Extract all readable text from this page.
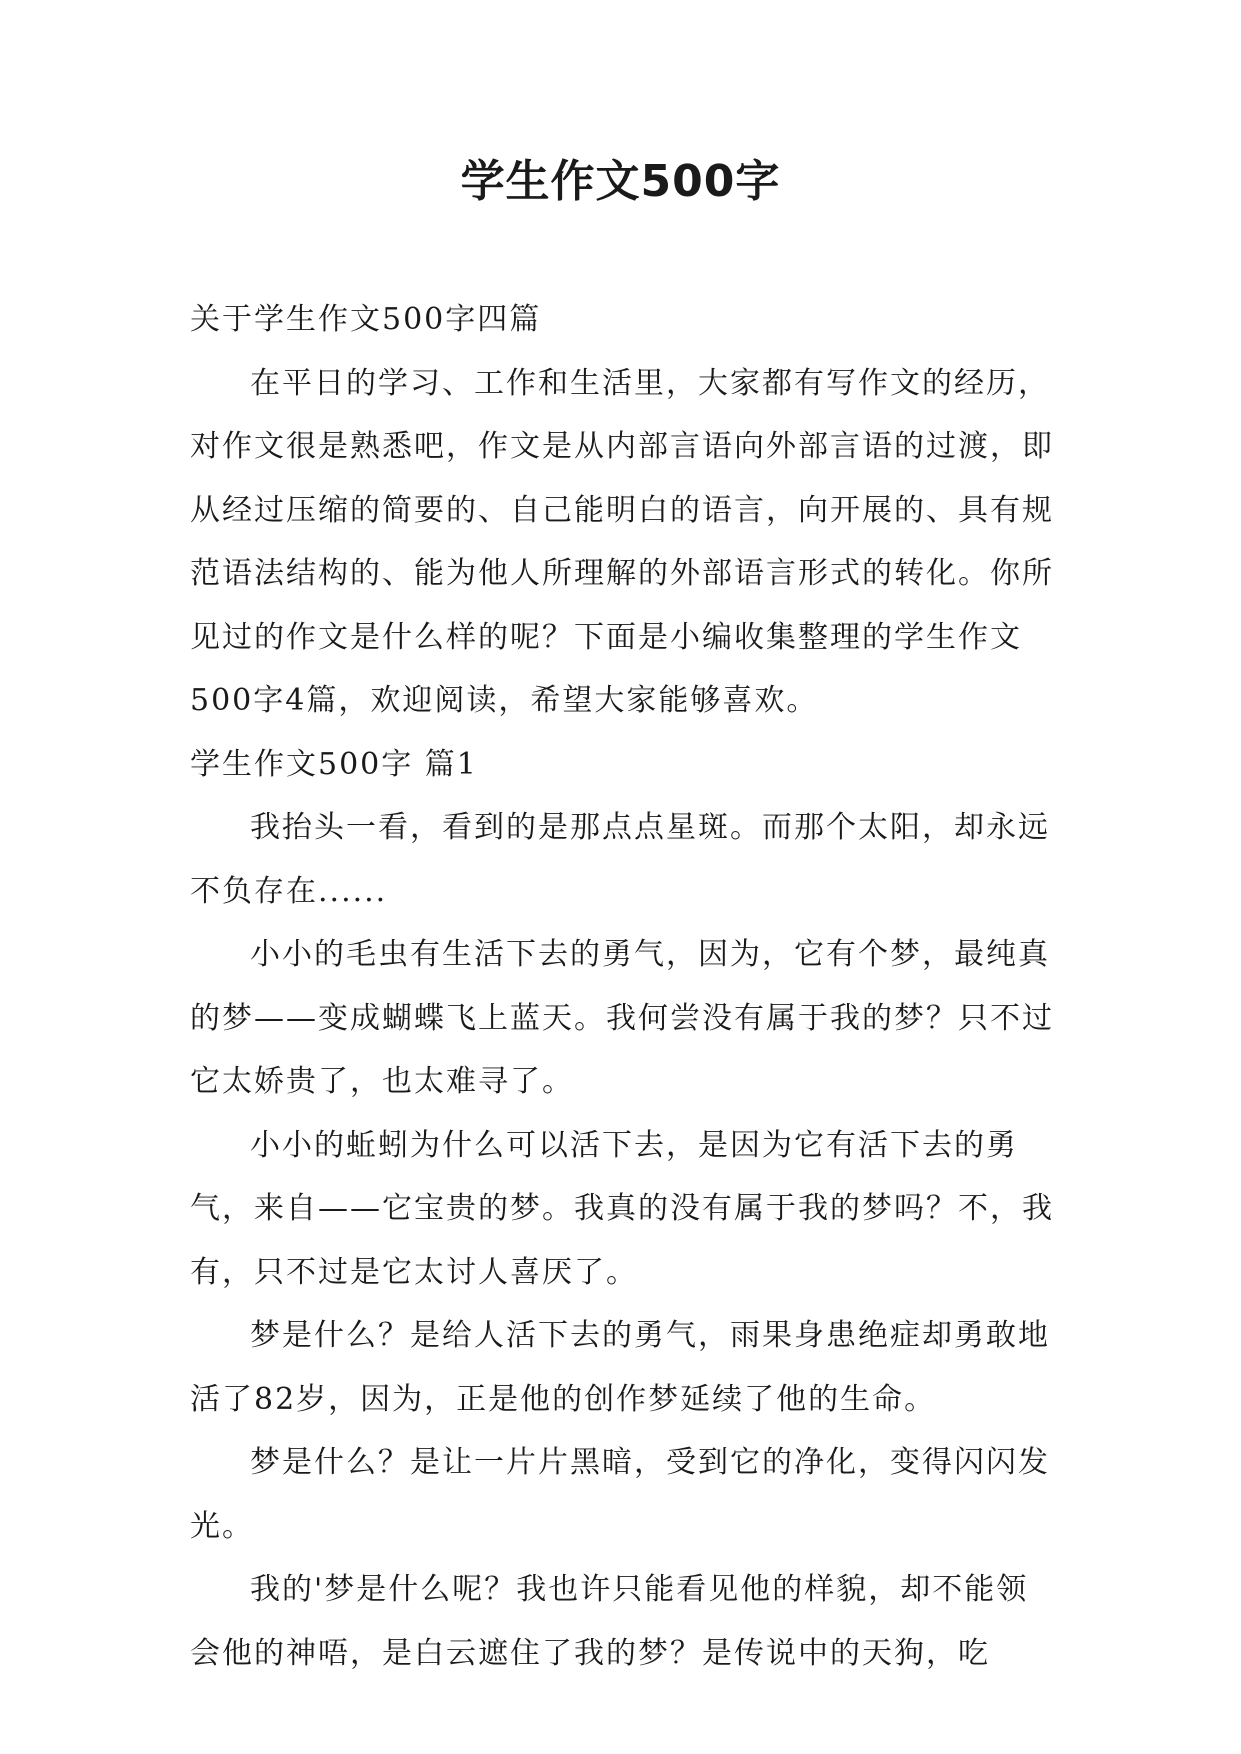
学生作文500字

关于学生作文500字四篇

在平日的学习、工作和生活里，大家都有写作文的经历，对作文很是熟悉吧，作文是从内部言语向外部言语的过渡，即从经过压缩的简要的、自己能明白的语言，向开展的、具有规范语法结构的、能为他人所理解的外部语言形式的转化。你所见过的作文是什么样的呢？下面是小编收集整理的学生作文500字4篇，欢迎阅读，希望大家能够喜欢。

学生作文500字 篇1

我抬头一看，看到的是那点点星斑。而那个太阳，却永远不负存在......

小小的毛虫有生活下去的勇气，因为，它有个梦，最纯真的梦——变成蝴蝶飞上蓝天。我何尝没有属于我的梦？只不过它太娇贵了，也太难寻了。

小小的蚯蚓为什么可以活下去，是因为它有活下去的勇气，来自——它宝贵的梦。我真的没有属于我的梦吗？不，我有，只不过是它太讨人喜厌了。

梦是什么？是给人活下去的勇气，雨果身患绝症却勇敢地活了82岁，因为，正是他的创作梦延续了他的生命。

梦是什么？是让一片片黑暗，受到它的净化，变得闪闪发光。

我的'梦是什么呢？我也许只能看见他的样貌，却不能领会他的神唔，是白云遮住了我的梦？是传说中的天狗，吃
